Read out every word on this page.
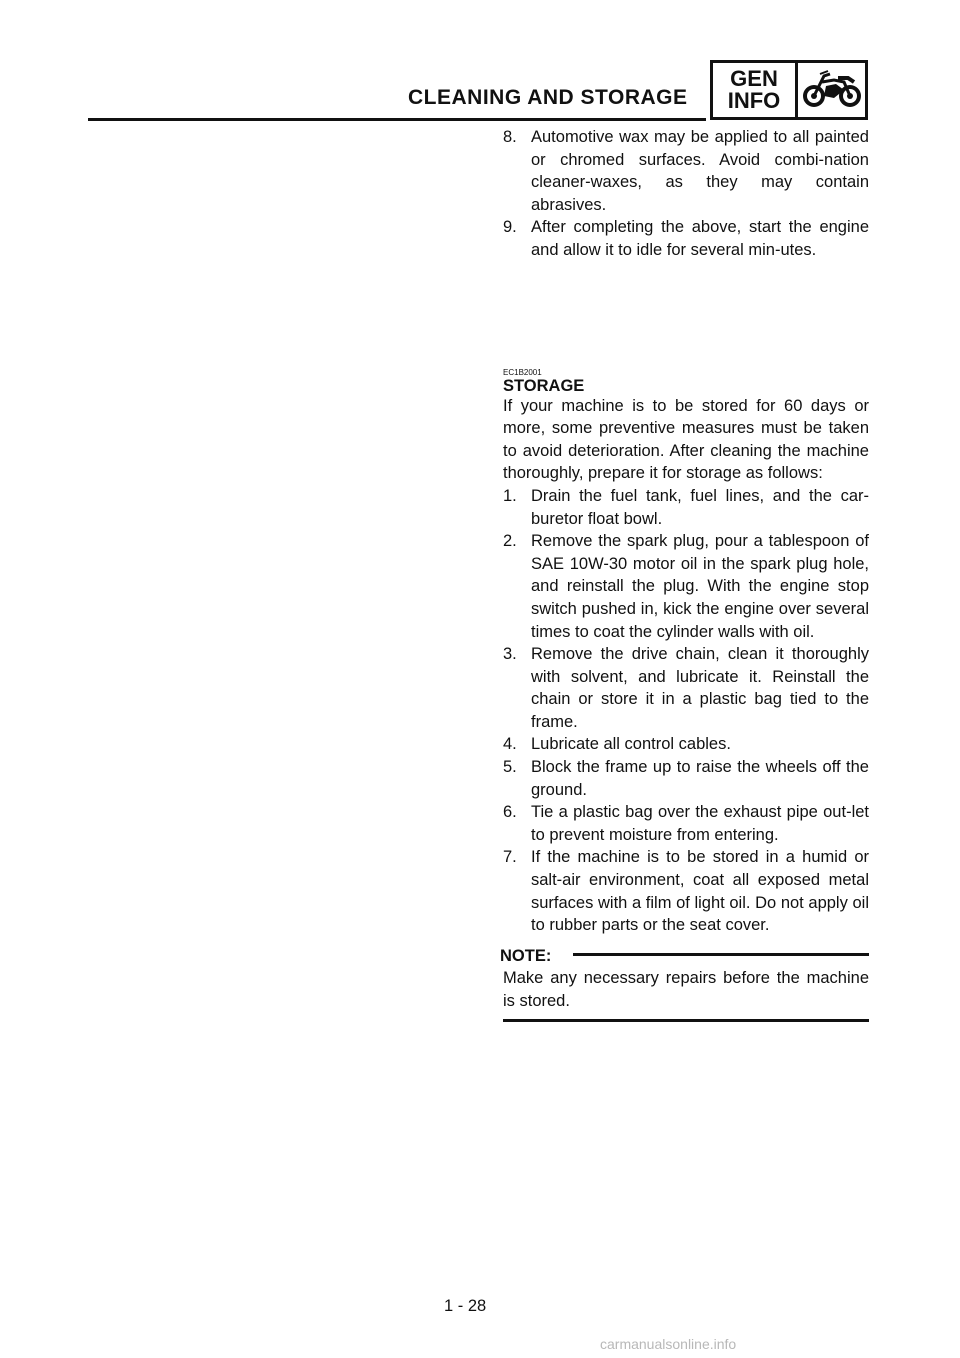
CLEANING AND STORAGE
GEN
INFO
8. Automotive wax may be applied to all painted or chromed surfaces. Avoid combi-nation cleaner-waxes, as they may contain abrasives.
9. After completing the above, start the engine and allow it to idle for several min-utes.
EC1B2001
STORAGE

If your machine is to be stored for 60 days or more, some preventive measures must be taken to avoid deterioration. After cleaning the machine thoroughly, prepare it for storage as follows:

1. Drain the fuel tank, fuel lines, and the car-buretor float bowl.
2. Remove the spark plug, pour a tablespoon of SAE 10W-30 motor oil in the spark plug hole, and reinstall the plug. With the engine stop switch pushed in, kick the engine over several times to coat the cylinder walls with oil.
3. Remove the drive chain, clean it thoroughly with solvent, and lubricate it. Reinstall the chain or store it in a plastic bag tied to the frame.
4. Lubricate all control cables.
5. Block the frame up to raise the wheels off the ground.
6. Tie a plastic bag over the exhaust pipe out-let to prevent moisture from entering.
7. If the machine is to be stored in a humid or salt-air environment, coat all exposed metal surfaces with a film of light oil. Do not apply oil to rubber parts or the seat cover.
NOTE:

Make any necessary repairs before the machine is stored.

1 - 28
carmanualsonline.info
